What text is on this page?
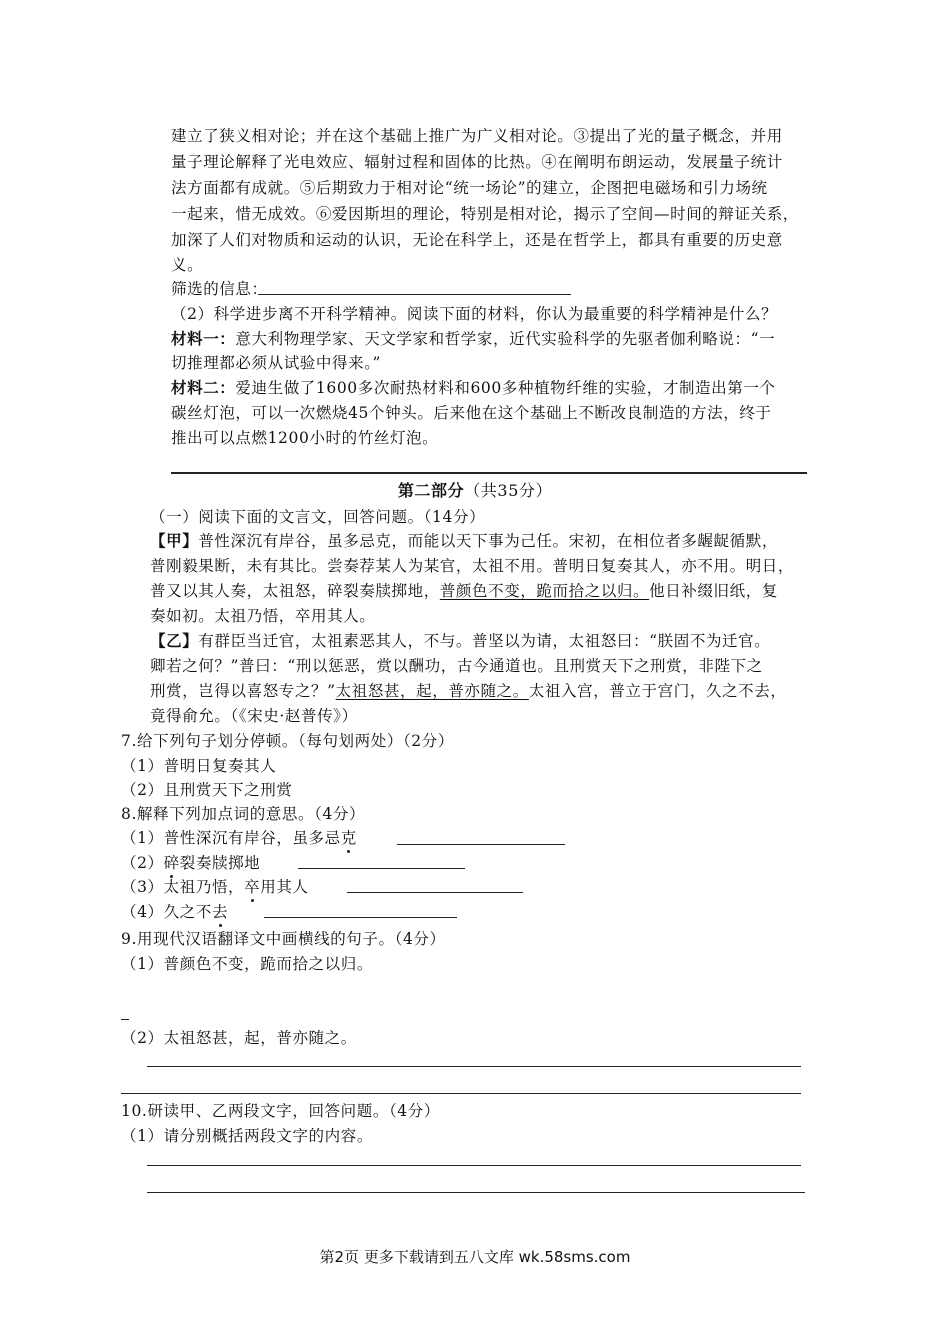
建立了狭义相对论；并在这个基础上推广为广义相对论。③提出了光的量子概念，并用
量子理论解释了光电效应、辐射过程和固体的比热。④在阐明布朗运动，发展量子统计
法方面都有成就。⑤后期致力于相对论“统一场论”的建立，企图把电磁场和引力场统
一起来，惜无成效。⑥爱因斯坦的理论，特别是相对论，揭示了空间—时间的辩证关系，
加深了人们对物质和运动的认识，无论在科学上，还是在哲学上，都具有重要的历史意
义。
筛选的信息：
（2）科学进步离不开科学精神。阅读下面的材料，你认为最重要的科学精神是什么？
材料一：意大利物理学家、天文学家和哲学家，近代实验科学的先驱者伽利略说：“一
切推理都必须从试验中得来。”
材料二：爱迪生做了1600多次耐热材料和600多种植物纤维的实验，才制造出第一个
碳丝灯泡，可以一次燃烧45个钟头。后来他在这个基础上不断改良制造的方法，终于
推出可以点燃1200小时的竹丝灯泡。
第二部分（共35分）
（一）阅读下面的文言文，回答问题。（14分）
【甲】普性深沉有岸谷，虽多忌克，而能以天下事为己任。宋初，在相位者多龌龊循默，
普刚毅果断，未有其比。尝奏荐某人为某官，太祖不用。普明日复奏其人，亦不用。明日，
普又以其人奏，太祖怒，碎裂奏牍掷地，普颜色不变，跪而拾之以归。他日补缀旧纸，复
奏如初。太祖乃悟，卒用其人。
【乙】有群臣当迁官，太祖素恶其人，不与。普坚以为请，太祖怒曰：“朕固不为迁官。
卿若之何？”普曰：“刑以惩恶，赏以酬功，古今通道也。且刑赏天下之刑赏，非陛下之
刑赏，岂得以喜怒专之？”太祖怒甚，起，普亦随之。太祖入宫，普立于宫门，久之不去，
竟得俞允。（《宋史·赵普传》）
7.给下列句子划分停顿。（每句划两处）（2分）
（1）普明日复奏其人
（2）且刑赏天下之刑赏
8.解释下列加点词的意思。（4分）
（1）普性深沉有岸谷，虽多忌克
（2）碎裂奏牍掷地
（3）太祖乃悟，卒用其人
（4）久之不去
9.用现代汉语翻译文中画横线的句子。（4分）
（1）普颜色不变，跪而拾之以归。
（2）太祖怒甚，起，普亦随之。
10.研读甲、乙两段文字，回答问题。（4分）
（1）请分别概括两段文字的内容。
第2页 更多下载请到五八文库 wk.58sms.com
